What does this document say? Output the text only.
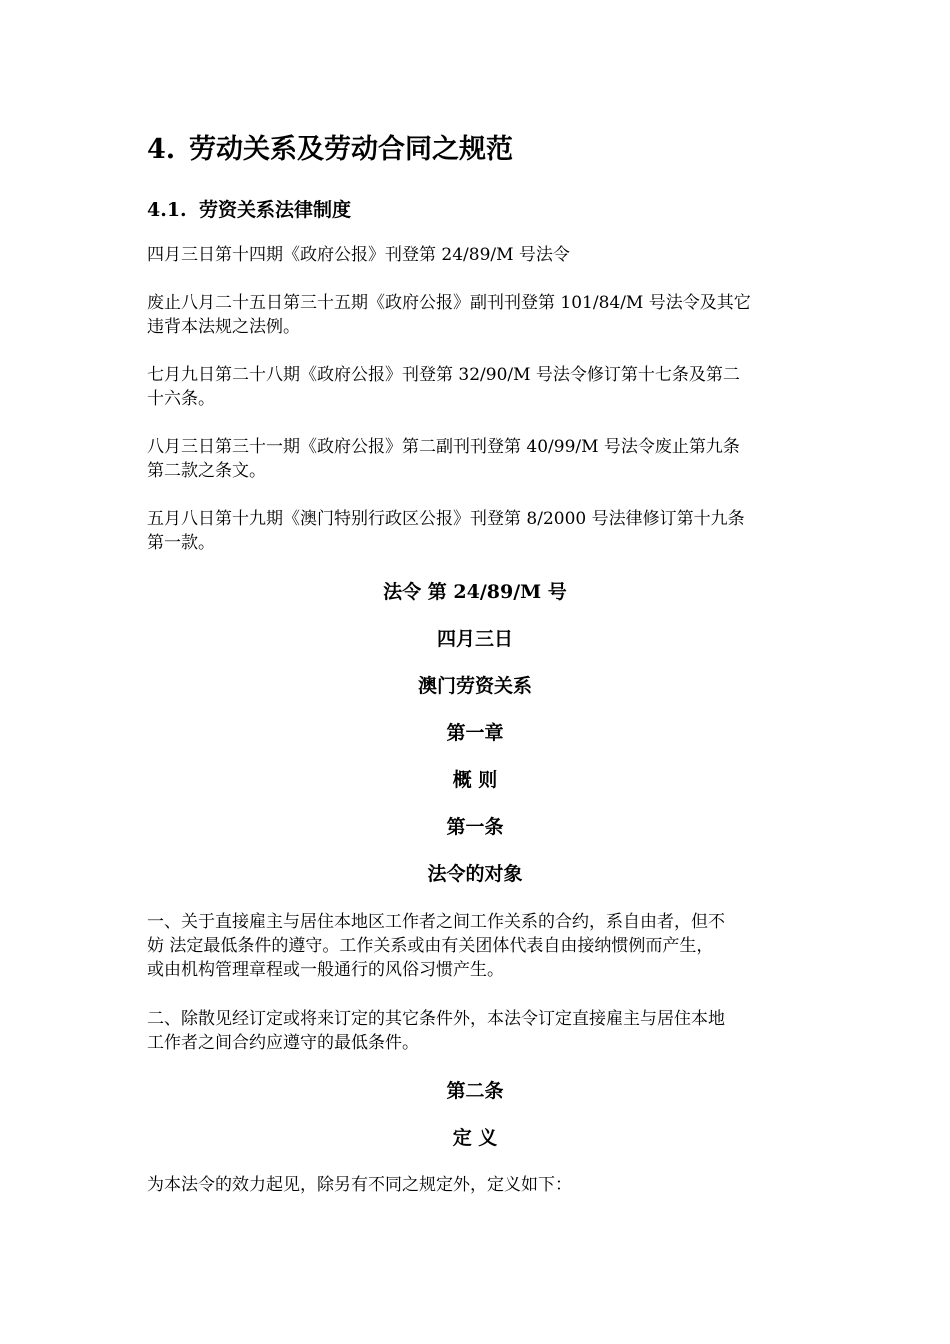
4. 劳动关系及劳动合同之规范
4.1. 劳资关系法律制度
四月三日第十四期《政府公报》刊登第 24/89/M 号法令
废止八月二十五日第三十五期《政府公报》副刊刊登第 101/84/M 号法令及其它
违背本法规之法例。
七月九日第二十八期《政府公报》刊登第 32/90/M 号法令修订第十七条及第二
十六条。
八月三日第三十一期《政府公报》第二副刊刊登第 40/99/M 号法令废止第九条
第二款之条文。
五月八日第十九期《澳门特别行政区公报》刊登第 8/2000 号法律修订第十九条
第一款。
法令 第 24/89/M 号
四月三日
澳门劳资关系
第一章
概 则
第一条
法令的对象
一、关于直接雇主与居住本地区工作者之间工作关系的合约，系自由者，但不
妨 法定最低条件的遵守。工作关系或由有关团体代表自由接纳惯例而产生，
或由机构管理章程或一般通行的风俗习惯产生。
二、除散见经订定或将来订定的其它条件外，本法令订定直接雇主与居住本地
工作者之间合约应遵守的最低条件。
第二条
定 义
为本法令的效力起见，除另有不同之规定外，定义如下：
